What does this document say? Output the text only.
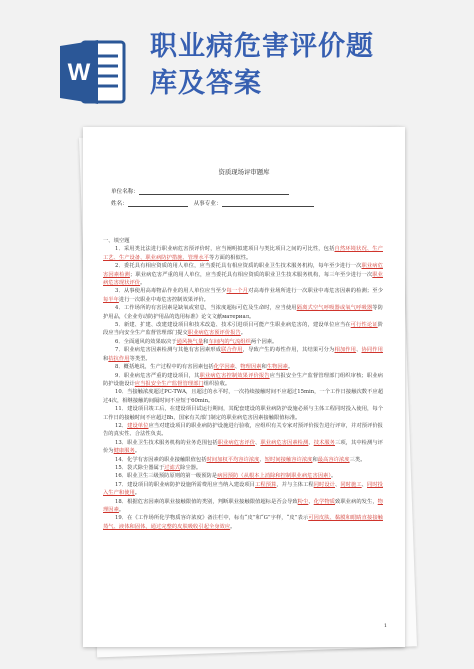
W
职业病危害评价题
库及答案
资质现场评审题库
单位名称：
姓名：	从事专业：

一、填空题

1．采用类比法进行职业病危害预评价时，应当阐明拟建项目与类比项目之间的可比性，包括自然环境状况、生产工艺、生产设备、职业病防护措施、管理水平等方面的相似性。

2．委托具有相应资质的用人单位，应当委托具有相应资质的职业卫生技术服务机构，每年至少进行一次职业病危害因素检测；职业病危害严重的用人单位，应当委托具有相应资质的职业卫生技术服务机构，每三年至少进行一次职业病危害现状评价。

3．从事使用高毒物品作业的用人单位应当至少每一个月对高毒作业场所进行一次职业中毒危害因素的检测；至少每半年进行一次职业中毒危害控制效果评价。

4．工作场所的有害因素是缺氧或窒息，当浓度超标可危及生命时，应当使用隔离式空气呼吸器或氧气呼吸器等防护用品，《企业劳动防护用品的选用标准》论文文献материал。

5．新建、扩建、改建建设项目和技术改造、技术引进项目可能产生职业病危害的，建设单位应当在可行性论证阶段应当向安全生产监督管理部门提交职业病危害预评价报告。

6．全面通风的效果取决于通风换气量和车间内的气流组织两个因素。

7．职业病危害因素检测与其他有害因素形成联合作用，导致产生的毒性作用，其结果可分为相加作用、协同作用和拮抗作用等类型。

8．概括地说，生产过程中的有害因素包括化学因素、物理因素和生物因素。

9．职业病危害严重的建设项目，其职业病危害控制效果评价报告应当报安全生产监督管理部门组织审核；职业病防护设施设计应当报安全生产监督管理部门组织验收。

10．当接触浓度超过PC-TWA，且超过的水平时，一次持续接触时间不应超过15min，一个工作日接触次数不应超过4次，相继接触的间隔时间不应短于60min。

11．建设项目竣工后，在建设项目试运行期间，其配套建设的职业病防护设施必须与主体工程同时投入使用，每个工作日的接触时间不应超过8h，国家有关部门制定的职业病危害因素接触限值标准。

12．建设单位应当对建设项目的职业病防护设施进行验收，应组织有关专家对预评价报告进行评审，并对预评价报告的真实性、合法性负责。

13．职业卫生技术服务机构的业务范围包括职业病危害评价、职业病危害因素检测、技术服务三项，其中检测与评价为健康服务。

14．化学有害因素的职业接触限值包括时间加权平均容许浓度、短时间接触容许浓度和最高容许浓度三类。

15．袋式除尘器属于过滤式除尘器。

16．职业卫生三级预防原则的第一级预防是病因预防（从根本上消除和控制职业病危害因素）。

17．建设项目的职业病防护设施所需费用应当纳入建设项目工程预算，并与主体工程同时设计、同时施工、同时投入生产和使用。

18．根据危害因素的职业接触限值的类别，判断职业接触限值超标是否会导致粉尘、化学物质致职业病的发生，物理因素。

19．在《工作场所化学物质容许浓度》备注栏中，标有“皮”和“G”字样，“皮”表示可因皮肤、黏膜和眼睛直接接触蒸气、液体和固体，通过完整的皮肤吸收引起全身效应。

1
